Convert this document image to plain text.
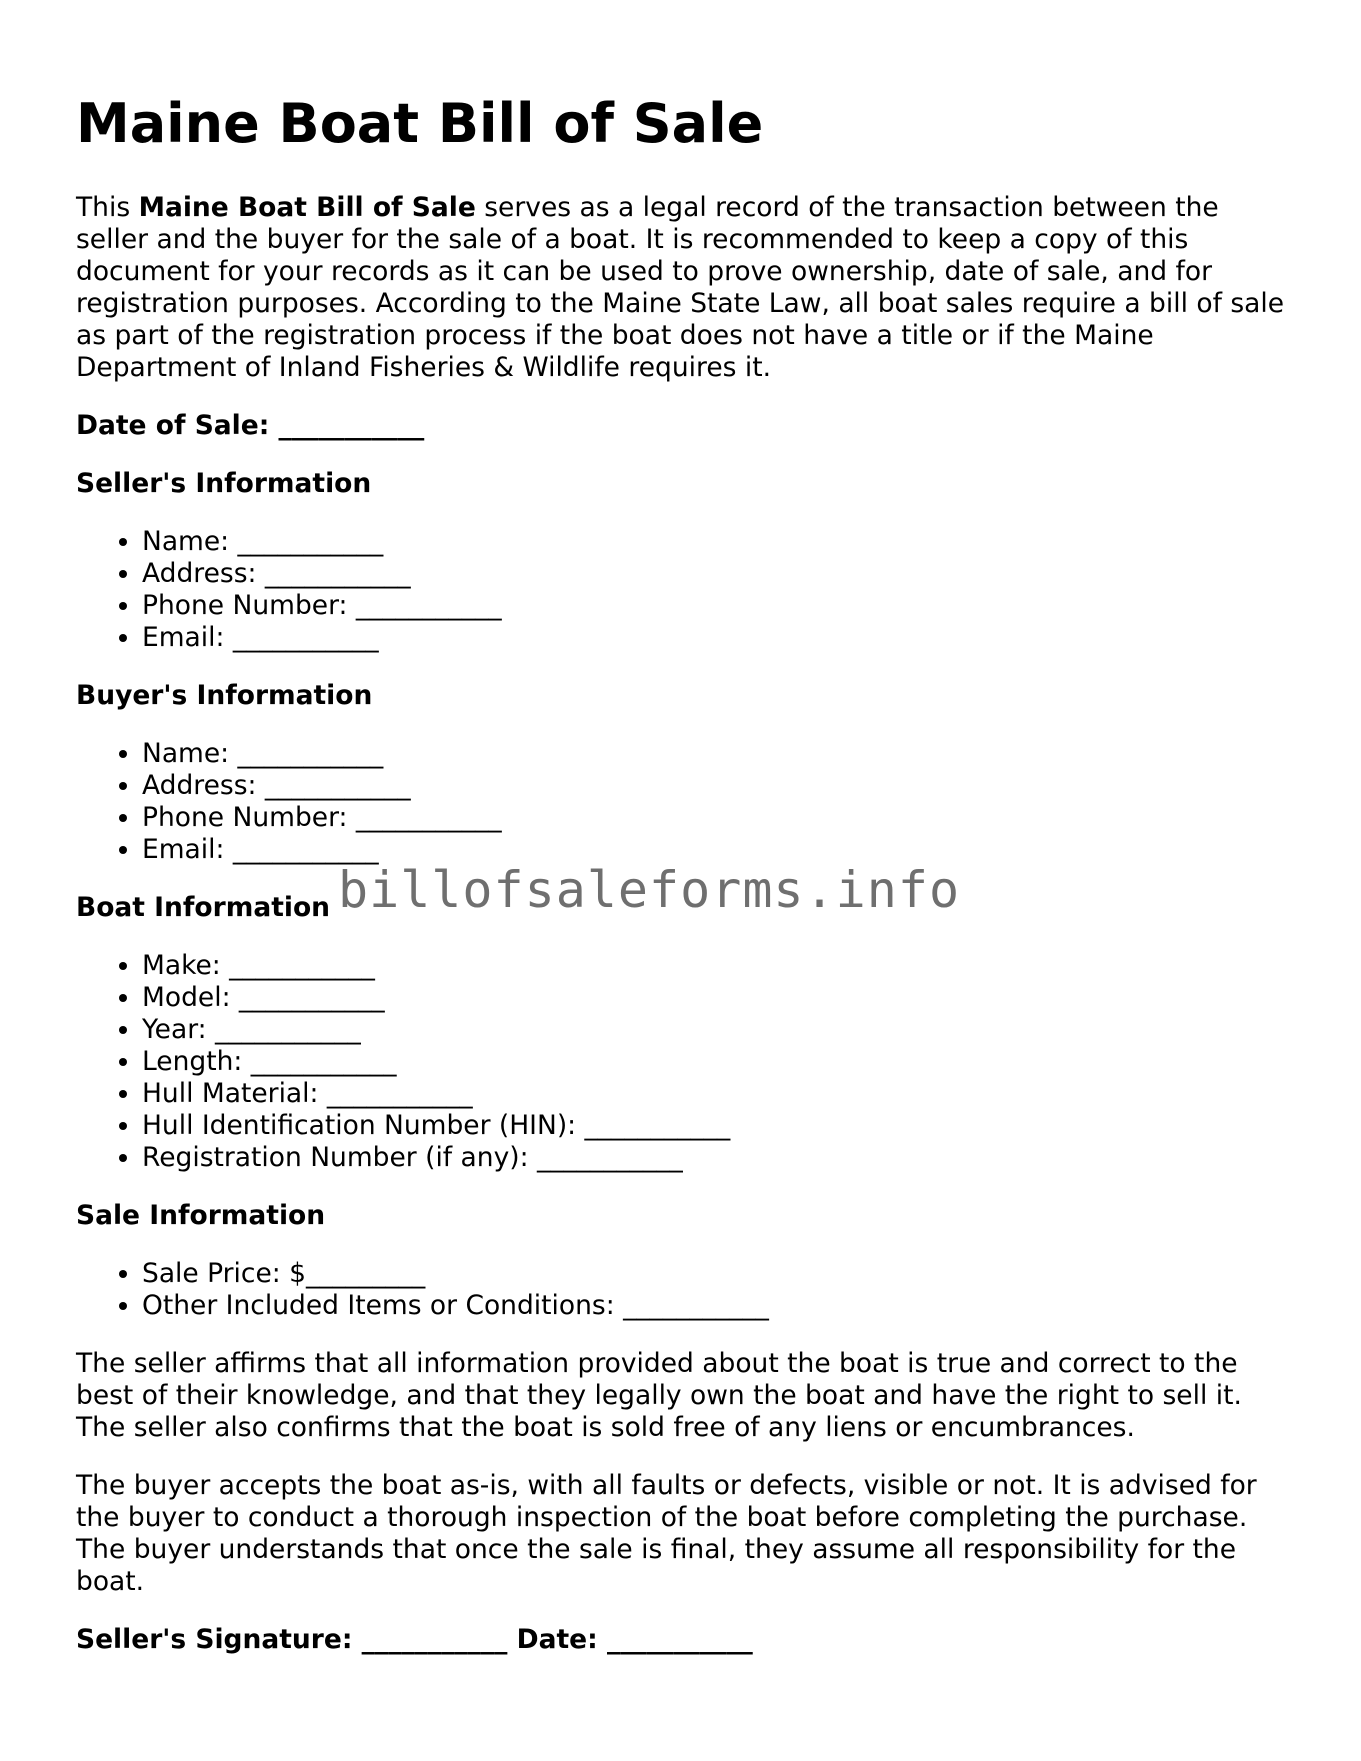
Maine Boat Bill of Sale

This Maine Boat Bill of Sale serves as a legal record of the transaction between the seller and the buyer for the sale of a boat. It is recommended to keep a copy of this document for your records as it can be used to prove ownership, date of sale, and for registration purposes. According to the Maine State Law, all boat sales require a bill of sale as part of the registration process if the boat does not have a title or if the Maine Department of Inland Fisheries & Wildlife requires it.

Date of Sale: ___________
Seller's Information
• Name: ___________
• Address: ___________
• Phone Number: ___________
• Email: ___________
Buyer's Information
• Name: ___________
• Address: ___________
• Phone Number: ___________
• Email: ___________
Boat Information
• Make: ___________
• Model: ___________
• Year: ___________
• Length: ___________
• Hull Material: ___________
• Hull Identification Number (HIN): ___________
• Registration Number (if any): ___________
Sale Information
• Sale Price: $_________
• Other Included Items or Conditions: ___________

The seller affirms that all information provided about the boat is true and correct to the best of their knowledge, and that they legally own the boat and have the right to sell it. The seller also confirms that the boat is sold free of any liens or encumbrances.

The buyer accepts the boat as-is, with all faults or defects, visible or not. It is advised for the buyer to conduct a thorough inspection of the boat before completing the purchase. The buyer understands that once the sale is final, they assume all responsibility for the boat.

Seller's Signature: ___________ Date: ___________
billofsaleforms.info
